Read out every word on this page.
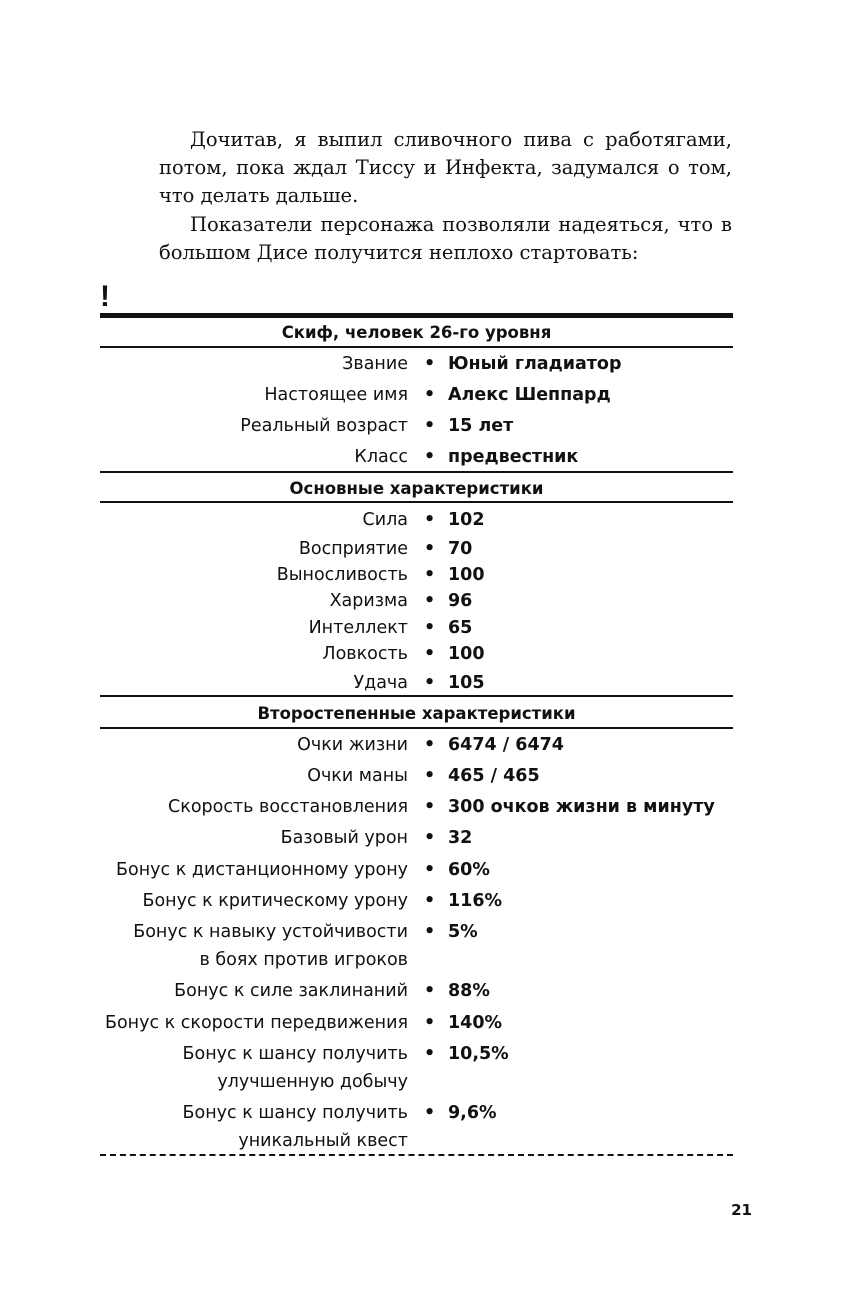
Дочитав, я выпил сливочного пива с работягами, потом, пока ждал Тиссу и Инфекта, задумался о том, что делать дальше.

Показатели персонажа позволяли надеяться, что в большом Дисе получится неплохо стартовать:

!
Скиф, человек 26-го уровня
Звание • Юный гладиатор
Настоящее имя • Алекс Шеппард
Реальный возраст • 15 лет
Класс • предвестник
Основные характеристики
Сила • 102
Восприятие • 70
Выносливость • 100
Харизма • 96
Интеллект • 65
Ловкость • 100
Удача • 105
Второстепенные характеристики
Очки жизни • 6474 / 6474
Очки маны • 465 / 465
Скорость восстановления • 300 очков жизни в минуту
Базовый урон • 32
Бонус к дистанционному урону • 60%
Бонус к критическому урону • 116%
Бонус к навыку устойчивости • 5%
в боях против игроков
Бонус к силе заклинаний • 88%
Бонус к скорости передвижения • 140%
Бонус к шансу получить • 10,5%
улучшенную добычу
Бонус к шансу получить • 9,6%
уникальный квест
21
